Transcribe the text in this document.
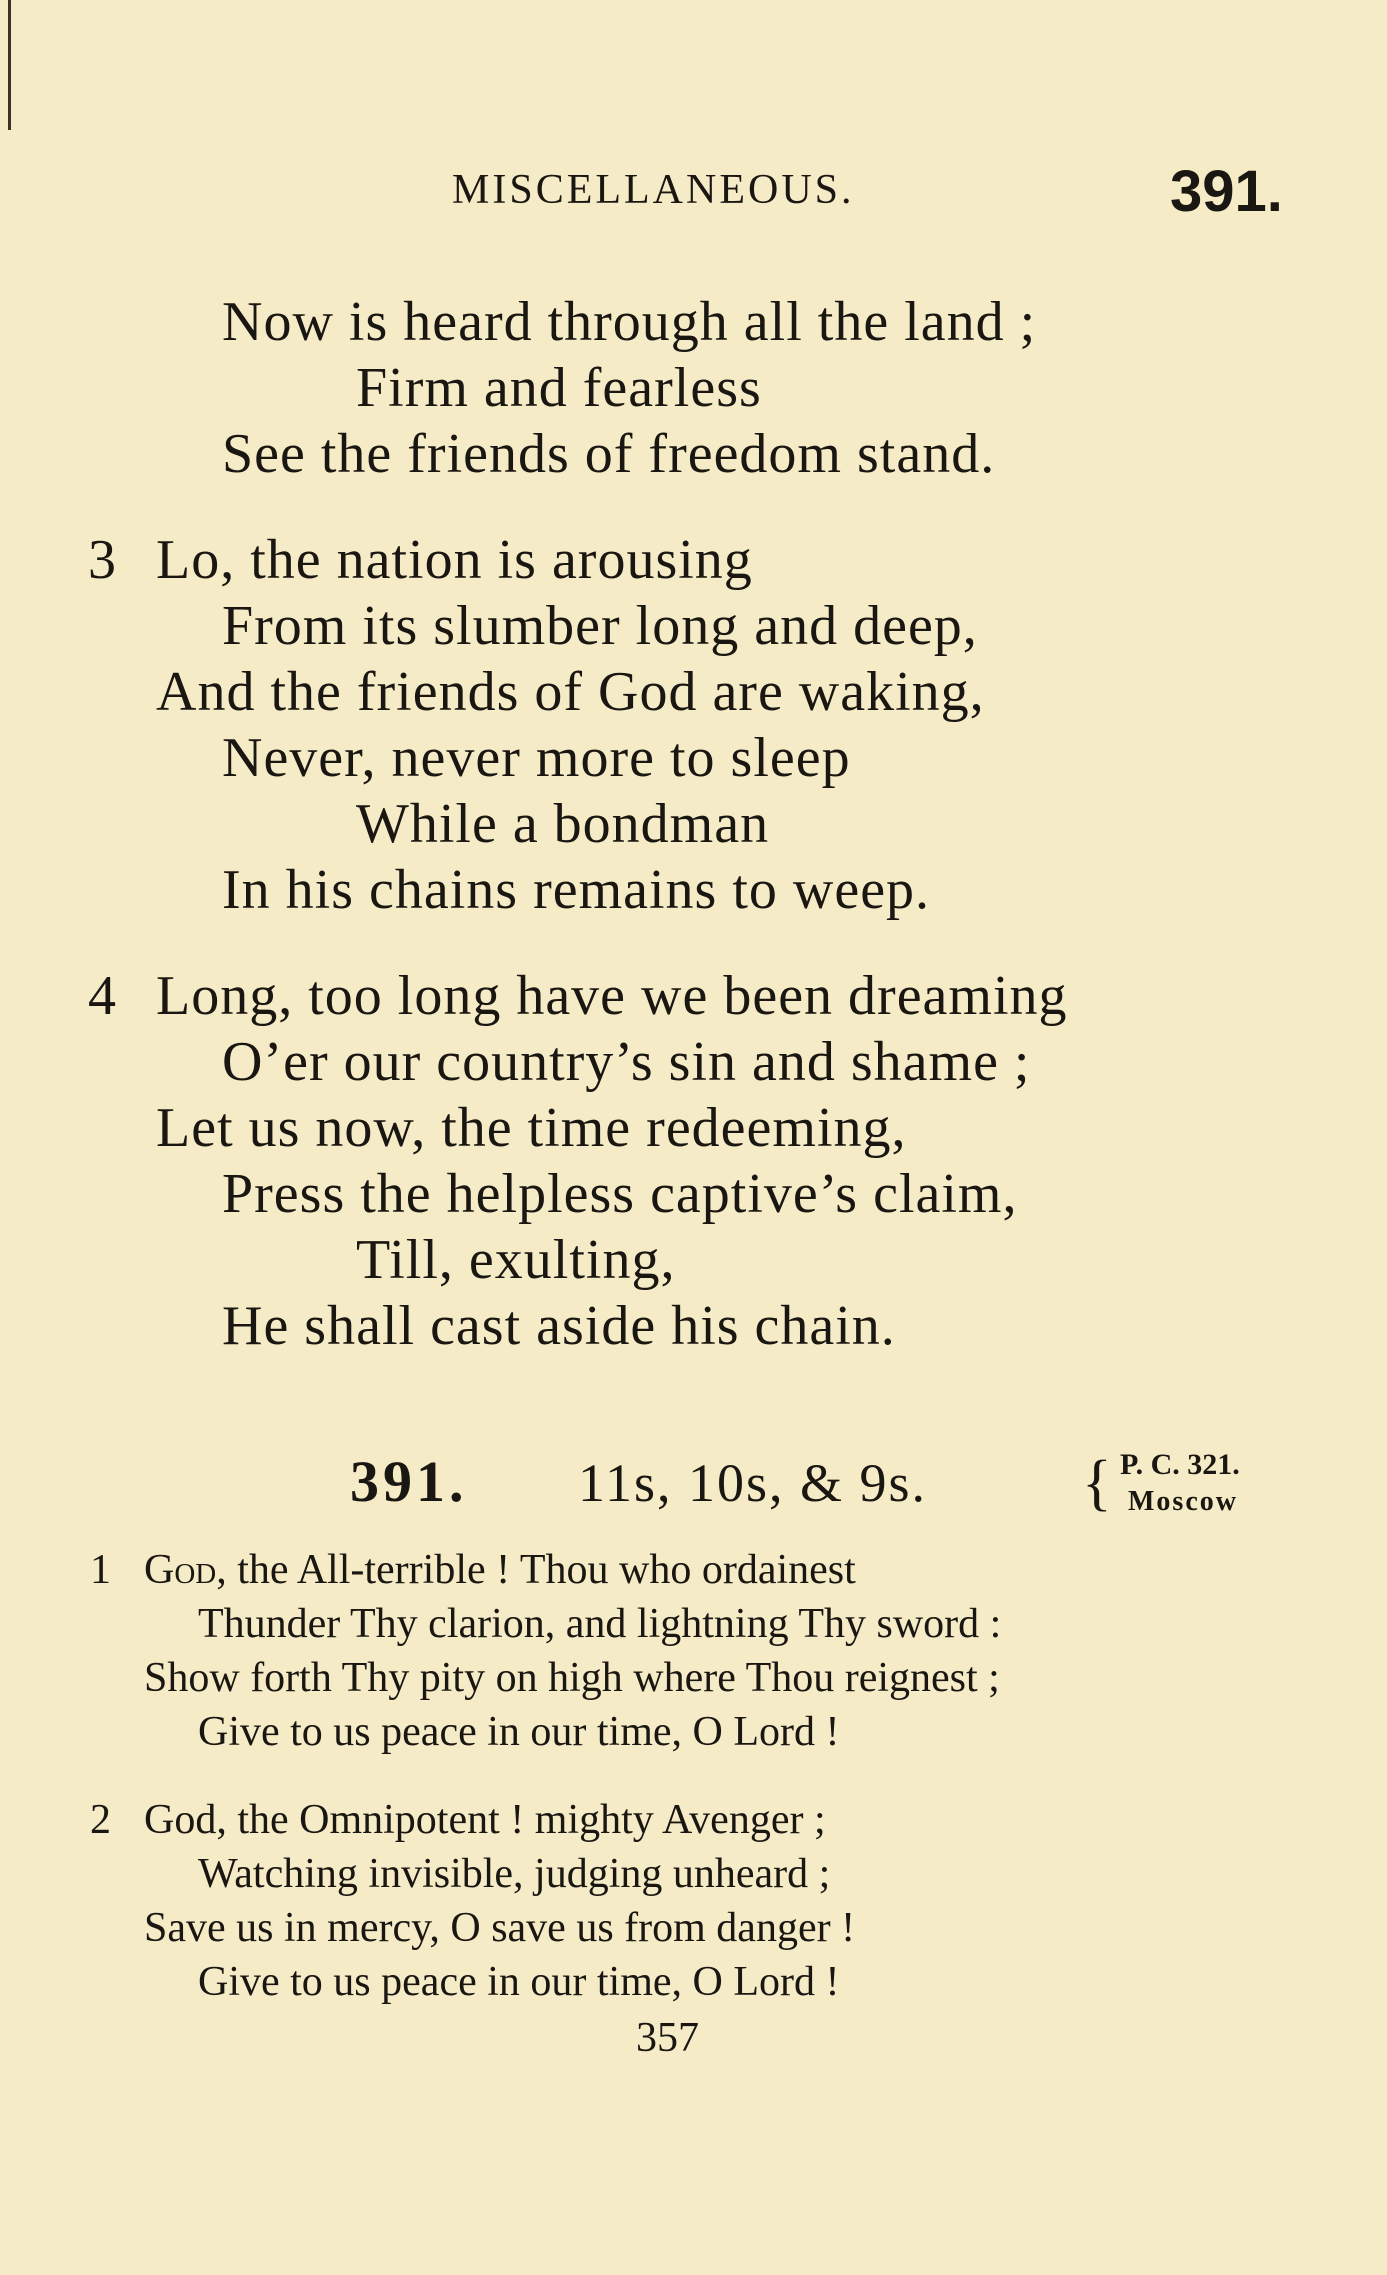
MISCELLANEOUS.	391.
Now is heard through all the land ;
Firm and fearless
See the friends of freedom stand.
3 Lo, the nation is arousing
From its slumber long and deep,
And the friends of God are waking,
Never, never more to sleep
While a bondman
In his chains remains to weep.
4 Long, too long have we been dreaming
O’er our country’s sin and shame ;
Let us now, the time redeeming,
Press the helpless captive’s claim,
Till, exulting,
He shall cast aside his chain.
391. 11s, 10s, & 9s. { P. C. 321.
Moscow
1 God, the All-terrible ! Thou who ordainest
Thunder Thy clarion, and lightning Thy sword :
Show forth Thy pity on high where Thou reignest ;
Give to us peace in our time, O Lord !
2 God, the Omnipotent ! mighty Avenger ;
Watching invisible, judging unheard ;
Save us in mercy, O save us from danger !
Give to us peace in our time, O Lord !
357
